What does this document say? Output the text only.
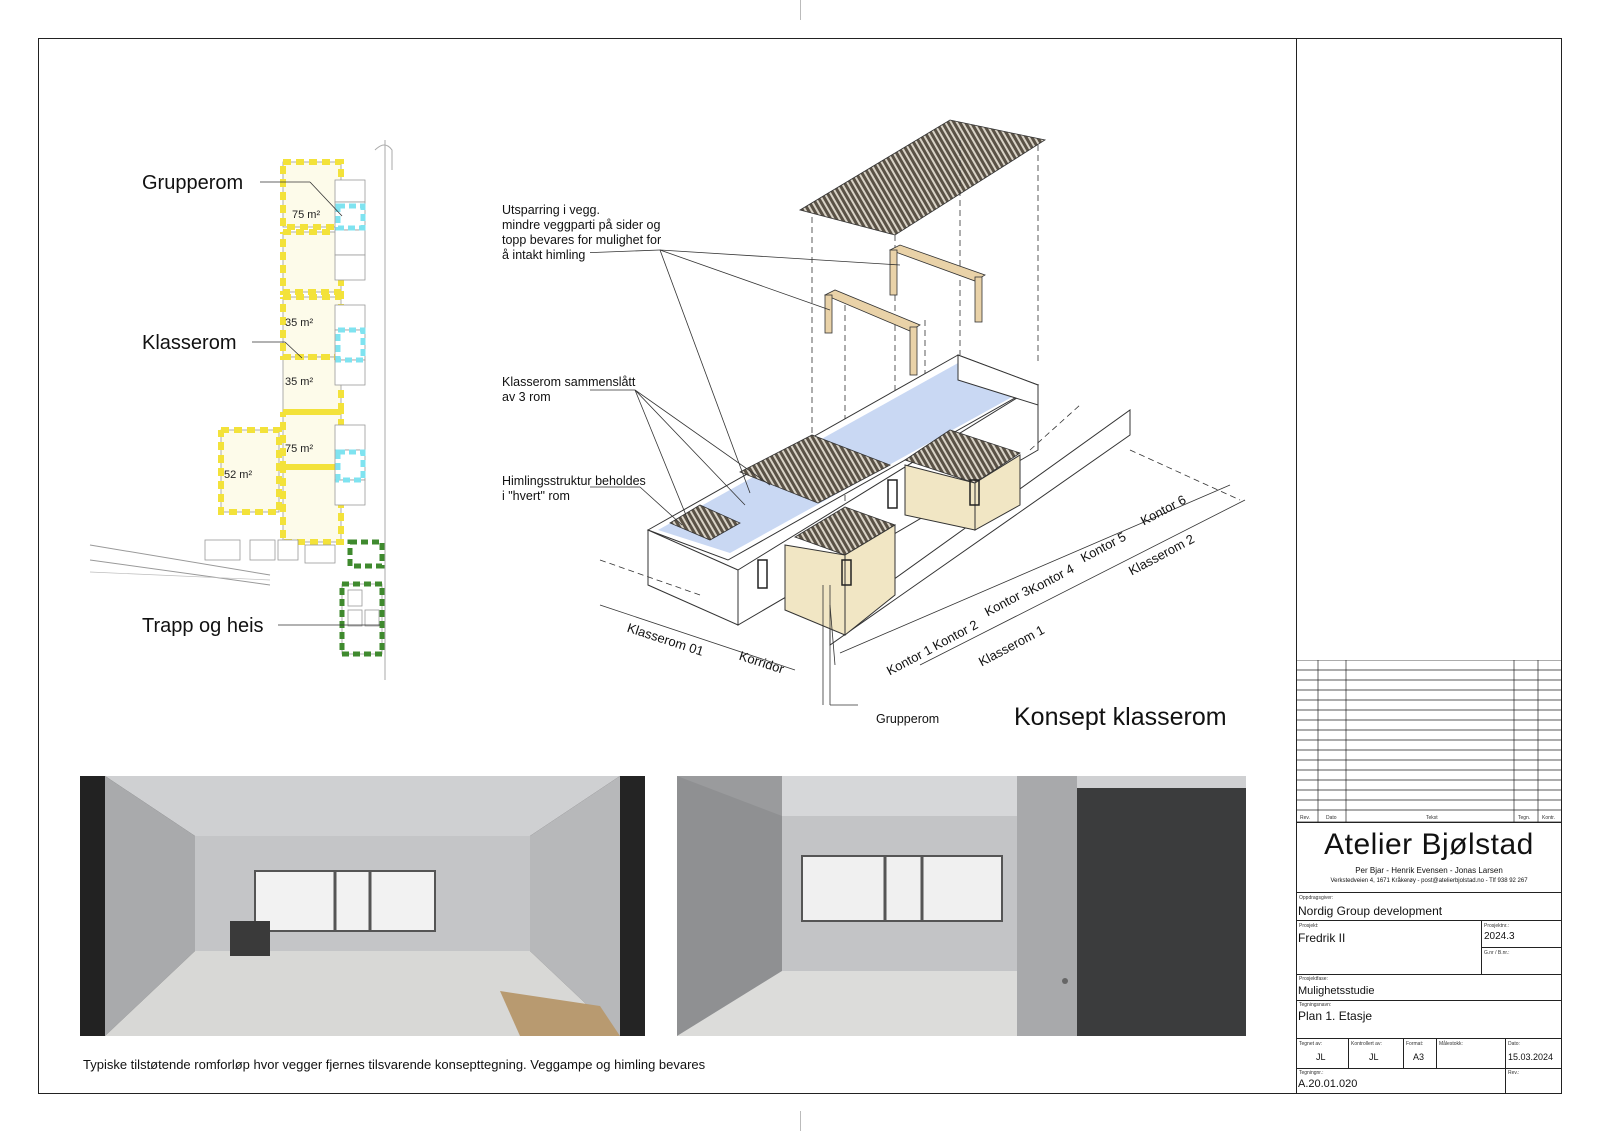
75 m²
35 m²
35 m²
75 m²
52 m²
Grupperom
Klasserom
Trapp og heis
Utsparring i vegg.
mindre veggparti på sider og
topp bevares for mulighet for
å intakt himling
Klasserom sammenslått
av 3 rom
Himlingsstruktur beholdes
i "hvert" rom
Grupperom	Konsept klasserom
Klasserom 01
Korridor	Kontor 1
Kontor 2
Kontor 3
Kontor 4
Kontor 5
Kontor 6
Klasserom 1
Klasserom 2
Typiske tilstøtende romforløp hvor vegger fjernes tilsvarende konsepttegning. Veggampe og himling bevares
Rev.	Dato	Tekst	Tegn. Kontr.
Atelier Bjølstad
Per Bjar - Henrik Evensen - Jonas Larsen
Verkstedveien 4, 1671 Kråkerøy - post@atelierbjolstad.no - Tlf 938 92 267
Oppdragsgiver:
Nordig Group development
Prosjekt:
Fredrik II
Prosjektnr.:
2024.3
G.nr / B.nr.:
Prosjektfase:
Mulighetsstudie
Tegningsnavn:
Plan 1. Etasje
Tegnet av:
JL
Kontrollert av:
JL
Format:
A3
Målestokk:	Dato:
15.03.2024
Tegningnr.:
A.20.01.020
Rev.:
